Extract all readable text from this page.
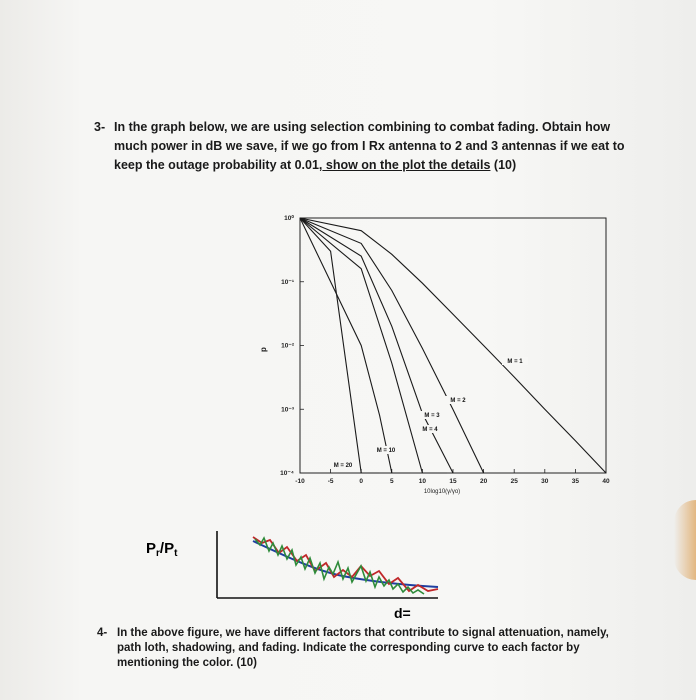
3- In the graph below, we are using selection combining to combat fading. Obtain how much power in dB we save, if we go from I Rx antenna to 2 and 3 antennas if we eat to keep the outage probability at 0.01, show on the plot the details (10)
-10	-5	0	5	10	15	20	25	30	35	40
10⁰
10⁻¹
10⁻²
10⁻³
10⁻⁴
10log10(γ/γo)
p
M = 1
M = 2
M = 3
M = 4
M = 10
M = 20
$P_r/P_t$
d=
4- In the above figure, we have different factors that contribute to signal attenuation, namely, path loth, shadowing, and fading. Indicate the corresponding curve to each factor by mentioning the color. (10)
